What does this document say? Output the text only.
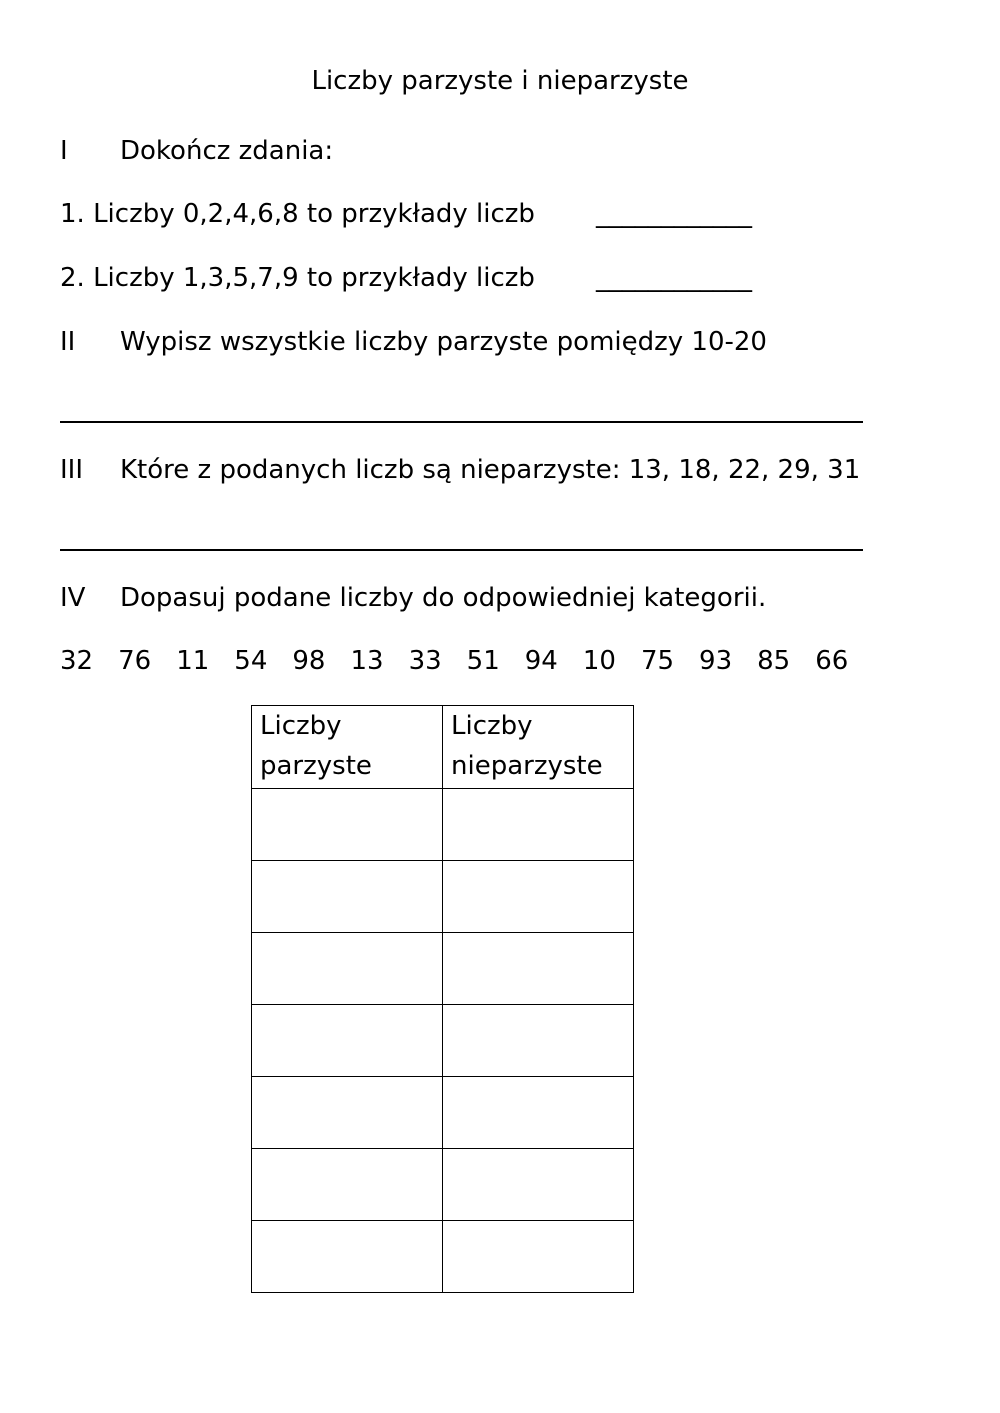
Liczby parzyste i nieparzyste
I Dokończ zdania:
1. Liczby 0,2,4,6,8 to przykłady liczb ____________
2. Liczby 1,3,5,7,9 to przykłady liczb ____________
II Wypisz wszystkie liczby parzyste pomiędzy 10-20
III Które z podanych liczb są nieparzyste: 13, 18, 22, 29, 31
IV Dopasuj podane liczby do odpowiedniej kategorii.
32 76 11 54 98 13 33 51 94 10 75 93 85 66
Liczby parzyste	Liczby nieparzyste
